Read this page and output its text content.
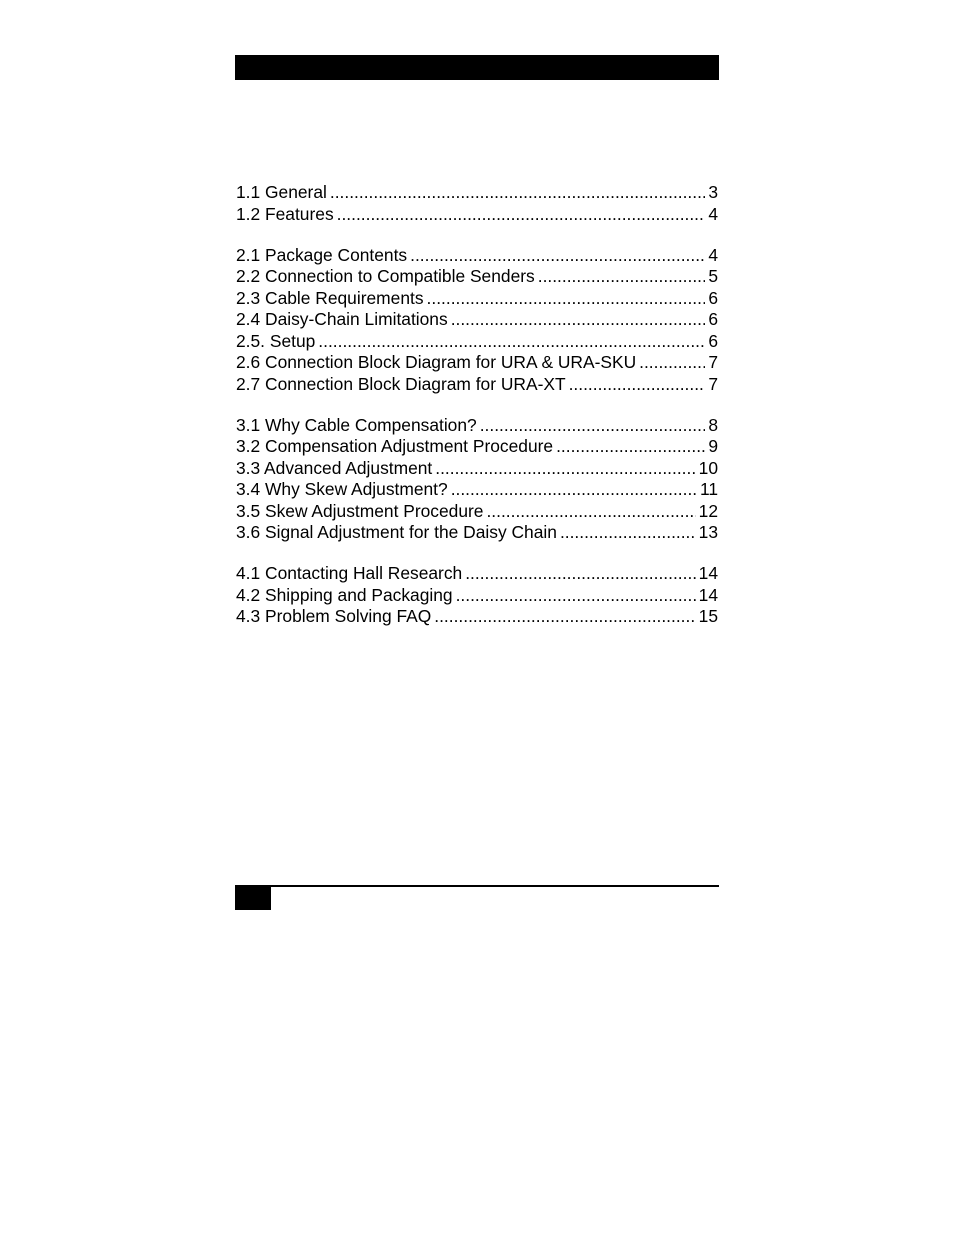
1.1 General .....	3
1.2 Features .....	4
2.1 Package Contents .....	4
2.2 Connection to Compatible Senders .....	5
2.3 Cable Requirements .....	6
2.4 Daisy-Chain Limitations .....	6
2.5. Setup .....	6
2.6 Connection Block Diagram for URA & URA-SKU .....	7
2.7 Connection Block Diagram for URA-XT .....	7
3.1 Why Cable Compensation? .....	8
3.2 Compensation Adjustment Procedure .....	9
3.3 Advanced Adjustment .....	10
3.4 Why Skew Adjustment? .....	11
3.5 Skew Adjustment Procedure .....	12
3.6 Signal Adjustment for the Daisy Chain .....	13
4.1 Contacting Hall Research .....	14
4.2 Shipping and Packaging .....	14
4.3 Problem Solving FAQ .....	15
